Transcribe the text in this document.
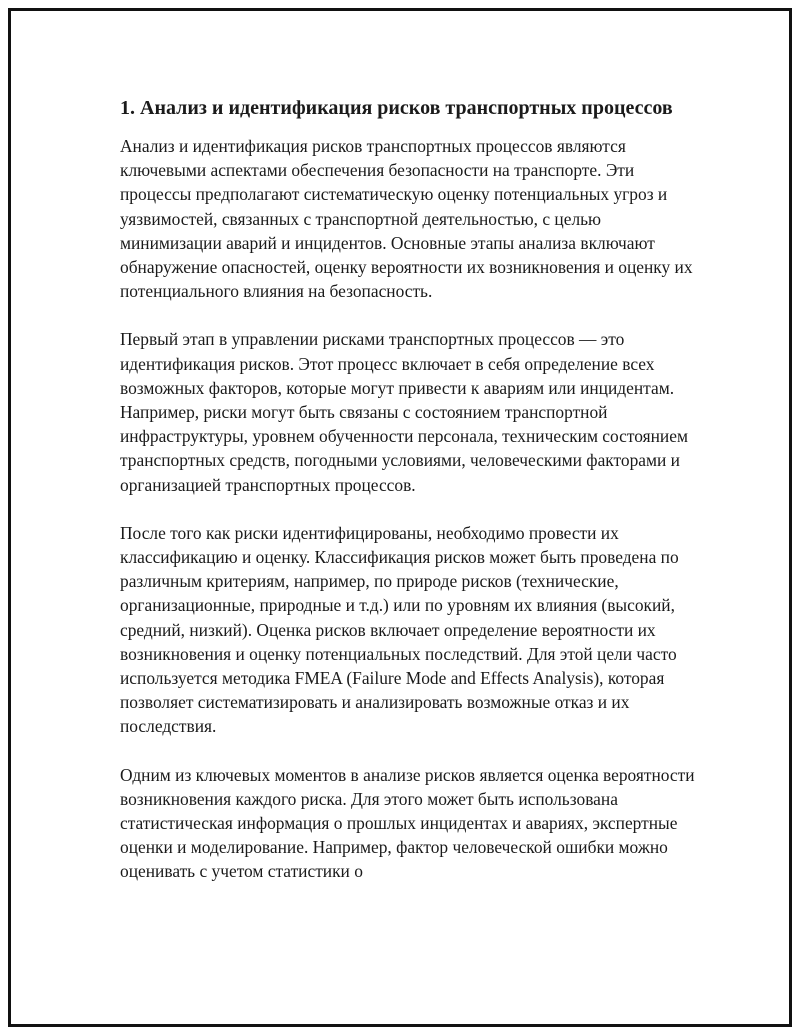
1. Анализ и идентификация рисков транспортных процессов

Анализ и идентификация рисков транспортных процессов являются ключевыми аспектами обеспечения безопасности на транспорте. Эти процессы предполагают систематическую оценку потенциальных угроз и уязвимостей, связанных с транспортной деятельностью, с целью минимизации аварий и инцидентов. Основные этапы анализа включают обнаружение опасностей, оценку вероятности их возникновения и оценку их потенциального влияния на безопасность.

Первый этап в управлении рисками транспортных процессов — это идентификация рисков. Этот процесс включает в себя определение всех возможных факторов, которые могут привести к авариям или инцидентам. Например, риски могут быть связаны с состоянием транспортной инфраструктуры, уровнем обученности персонала, техническим состоянием транспортных средств, погодными условиями, человеческими факторами и организацией транспортных процессов.

После того как риски идентифицированы, необходимо провести их классификацию и оценку. Классификация рисков может быть проведена по различным критериям, например, по природе рисков (технические, организационные, природные и т.д.) или по уровням их влияния (высокий, средний, низкий). Оценка рисков включает определение вероятности их возникновения и оценку потенциальных последствий. Для этой цели часто используется методика FMEA (Failure Mode and Effects Analysis), которая позволяет систематизировать и анализировать возможные отказ и их последствия.

Одним из ключевых моментов в анализе рисков является оценка вероятности возникновения каждого риска. Для этого может быть использована статистическая информация о прошлых инцидентах и авариях, экспертные оценки и моделирование. Например, фактор человеческой ошибки можно оценивать с учетом статистики о
